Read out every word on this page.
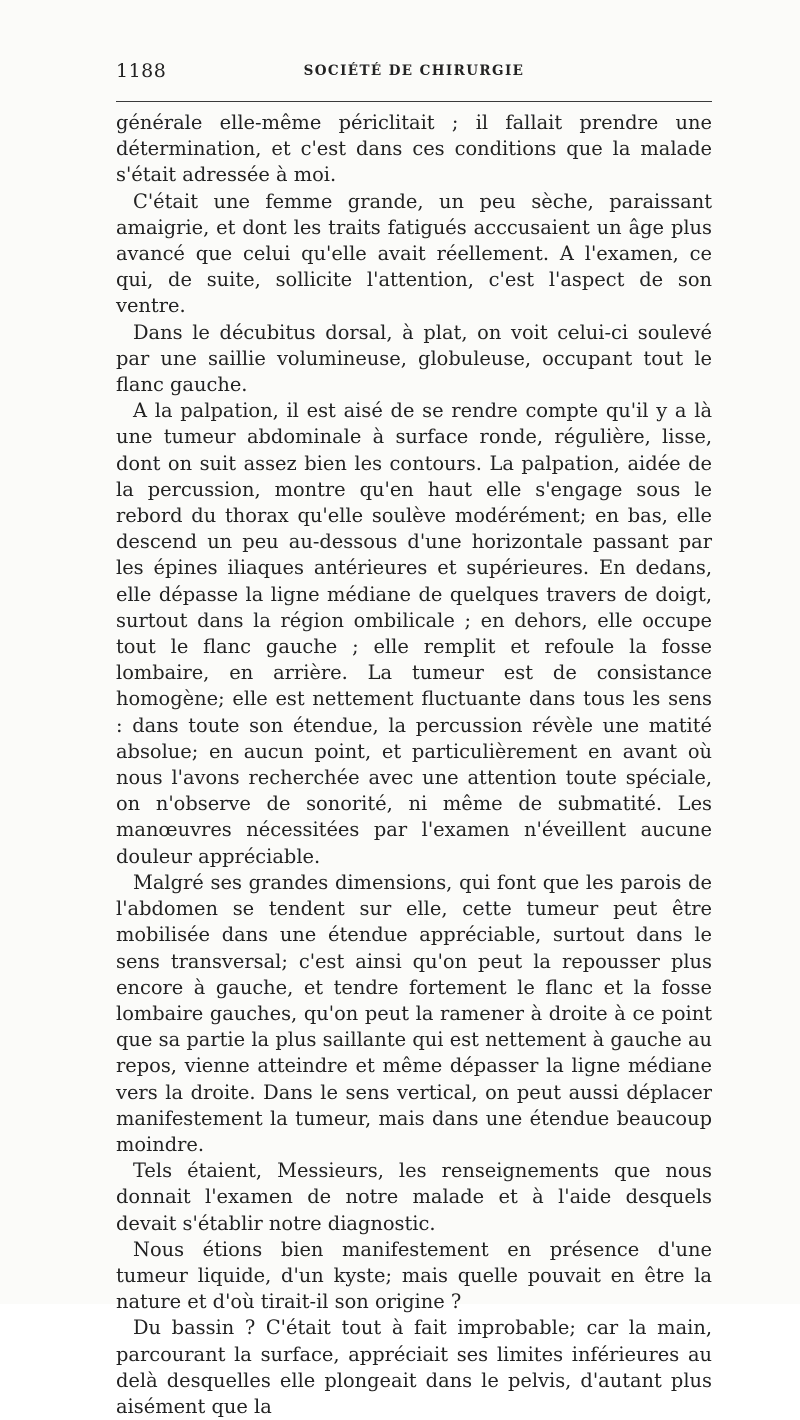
1188	SOCIÉTÉ DE CHIRURGIE

générale elle-même périclitait ; il fallait prendre une détermination, et c'est dans ces conditions que la malade s'était adressée à moi.

C'était une femme grande, un peu sèche, paraissant amaigrie, et dont les traits fatigués acccusaient un âge plus avancé que celui qu'elle avait réellement. A l'examen, ce qui, de suite, sollicite l'attention, c'est l'aspect de son ventre.

Dans le décubitus dorsal, à plat, on voit celui-ci soulevé par une saillie volumineuse, globuleuse, occupant tout le flanc gauche.

A la palpation, il est aisé de se rendre compte qu'il y a là une tumeur abdominale à surface ronde, régulière, lisse, dont on suit assez bien les contours. La palpation, aidée de la percussion, montre qu'en haut elle s'engage sous le rebord du thorax qu'elle soulève modérément; en bas, elle descend un peu au-dessous d'une horizontale passant par les épines iliaques antérieures et supérieures. En dedans, elle dépasse la ligne médiane de quelques travers de doigt, surtout dans la région ombilicale ; en dehors, elle occupe tout le flanc gauche ; elle remplit et refoule la fosse lombaire, en arrière. La tumeur est de consistance homogène; elle est nettement fluctuante dans tous les sens : dans toute son étendue, la percussion révèle une matité absolue; en aucun point, et particulièrement en avant où nous l'avons recherchée avec une attention toute spéciale, on n'observe de sonorité, ni même de submatité. Les manœuvres nécessitées par l'examen n'éveillent aucune douleur appréciable.

Malgré ses grandes dimensions, qui font que les parois de l'abdomen se tendent sur elle, cette tumeur peut être mobilisée dans une étendue appréciable, surtout dans le sens transversal; c'est ainsi qu'on peut la repousser plus encore à gauche, et tendre fortement le flanc et la fosse lombaire gauches, qu'on peut la ramener à droite à ce point que sa partie la plus saillante qui est nettement à gauche au repos, vienne atteindre et même dépasser la ligne médiane vers la droite. Dans le sens vertical, on peut aussi déplacer manifestement la tumeur, mais dans une étendue beaucoup moindre.

Tels étaient, Messieurs, les renseignements que nous donnait l'examen de notre malade et à l'aide desquels devait s'établir notre diagnostic.

Nous étions bien manifestement en présence d'une tumeur liquide, d'un kyste; mais quelle pouvait en être la nature et d'où tirait-il son origine ?

Du bassin ? C'était tout à fait improbable; car la main, parcourant la surface, appréciait ses limites inférieures au delà desquelles elle plongeait dans le pelvis, d'autant plus aisément que la
